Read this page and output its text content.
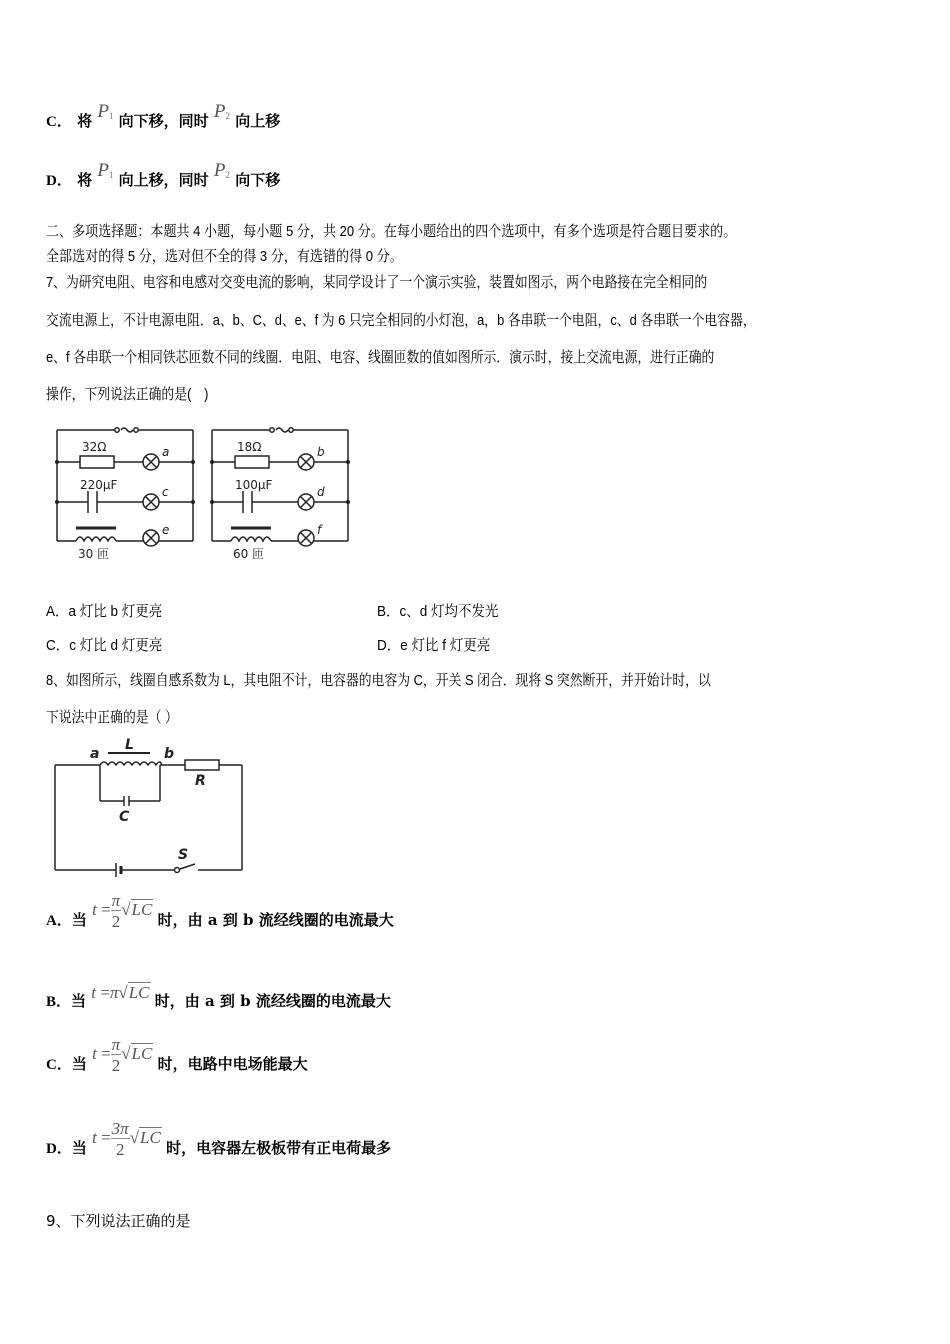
C． 将 $P_1$ 向下移，同时 $P_2$ 向上移
D． 将 $P_1$ 向上移，同时 $P_2$ 向下移
二、多项选择题：本题共 4 小题，每小题 5 分，共 20 分。在每小题给出的四个选项中，有多个选项是符合题目要求的。
全部选对的得 5 分，选对但不全的得 3 分，有选错的得 0 分。
7、为研究电阻、电容和电感对交变电流的影响，某同学设计了一个演示实验，装置如图示，两个电路接在完全相同的
交流电源上，不计电源电阻．a、b、C、d、e、f 为 6 只完全相同的小灯泡，a，b 各串联一个电阻，c、d 各串联一个电容器，
e、f 各串联一个相同铁芯匝数不同的线圈．电阻、电容、线圈匝数的值如图所示．演示时，接上交流电源，进行正确的
操作，下列说法正确的是(　)
32Ω
220μF
30 匝
a
c
e
18Ω
100μF
60 匝
b
d
f
A．a 灯比 b 灯更亮	B．c、d 灯均不发光
C．c 灯比 d 灯更亮	D．e 灯比 f 灯更亮
8、如图所示，线圈自感系数为 L，其电阻不计，电容器的电容为 C，开关 S 闭合．现将 S 突然断开，并开始计时，以
下说法中正确的是（ ）
a
L
b
R
C
S
A．当 $t = \frac{\pi}{2} √LC$ 时，由 a 到 b 流经线圈的电流最大
B．当 t =π√LC 时，由 a 到 b 流经线圈的电流最大
C．当 $t = \frac{\pi}{2} √LC$ 时，电路中电场能最大
D．当 $t = \frac{3\pi}{2} √LC$ 时，电容器左极板带有正电荷最多
9、下列说法正确的是
